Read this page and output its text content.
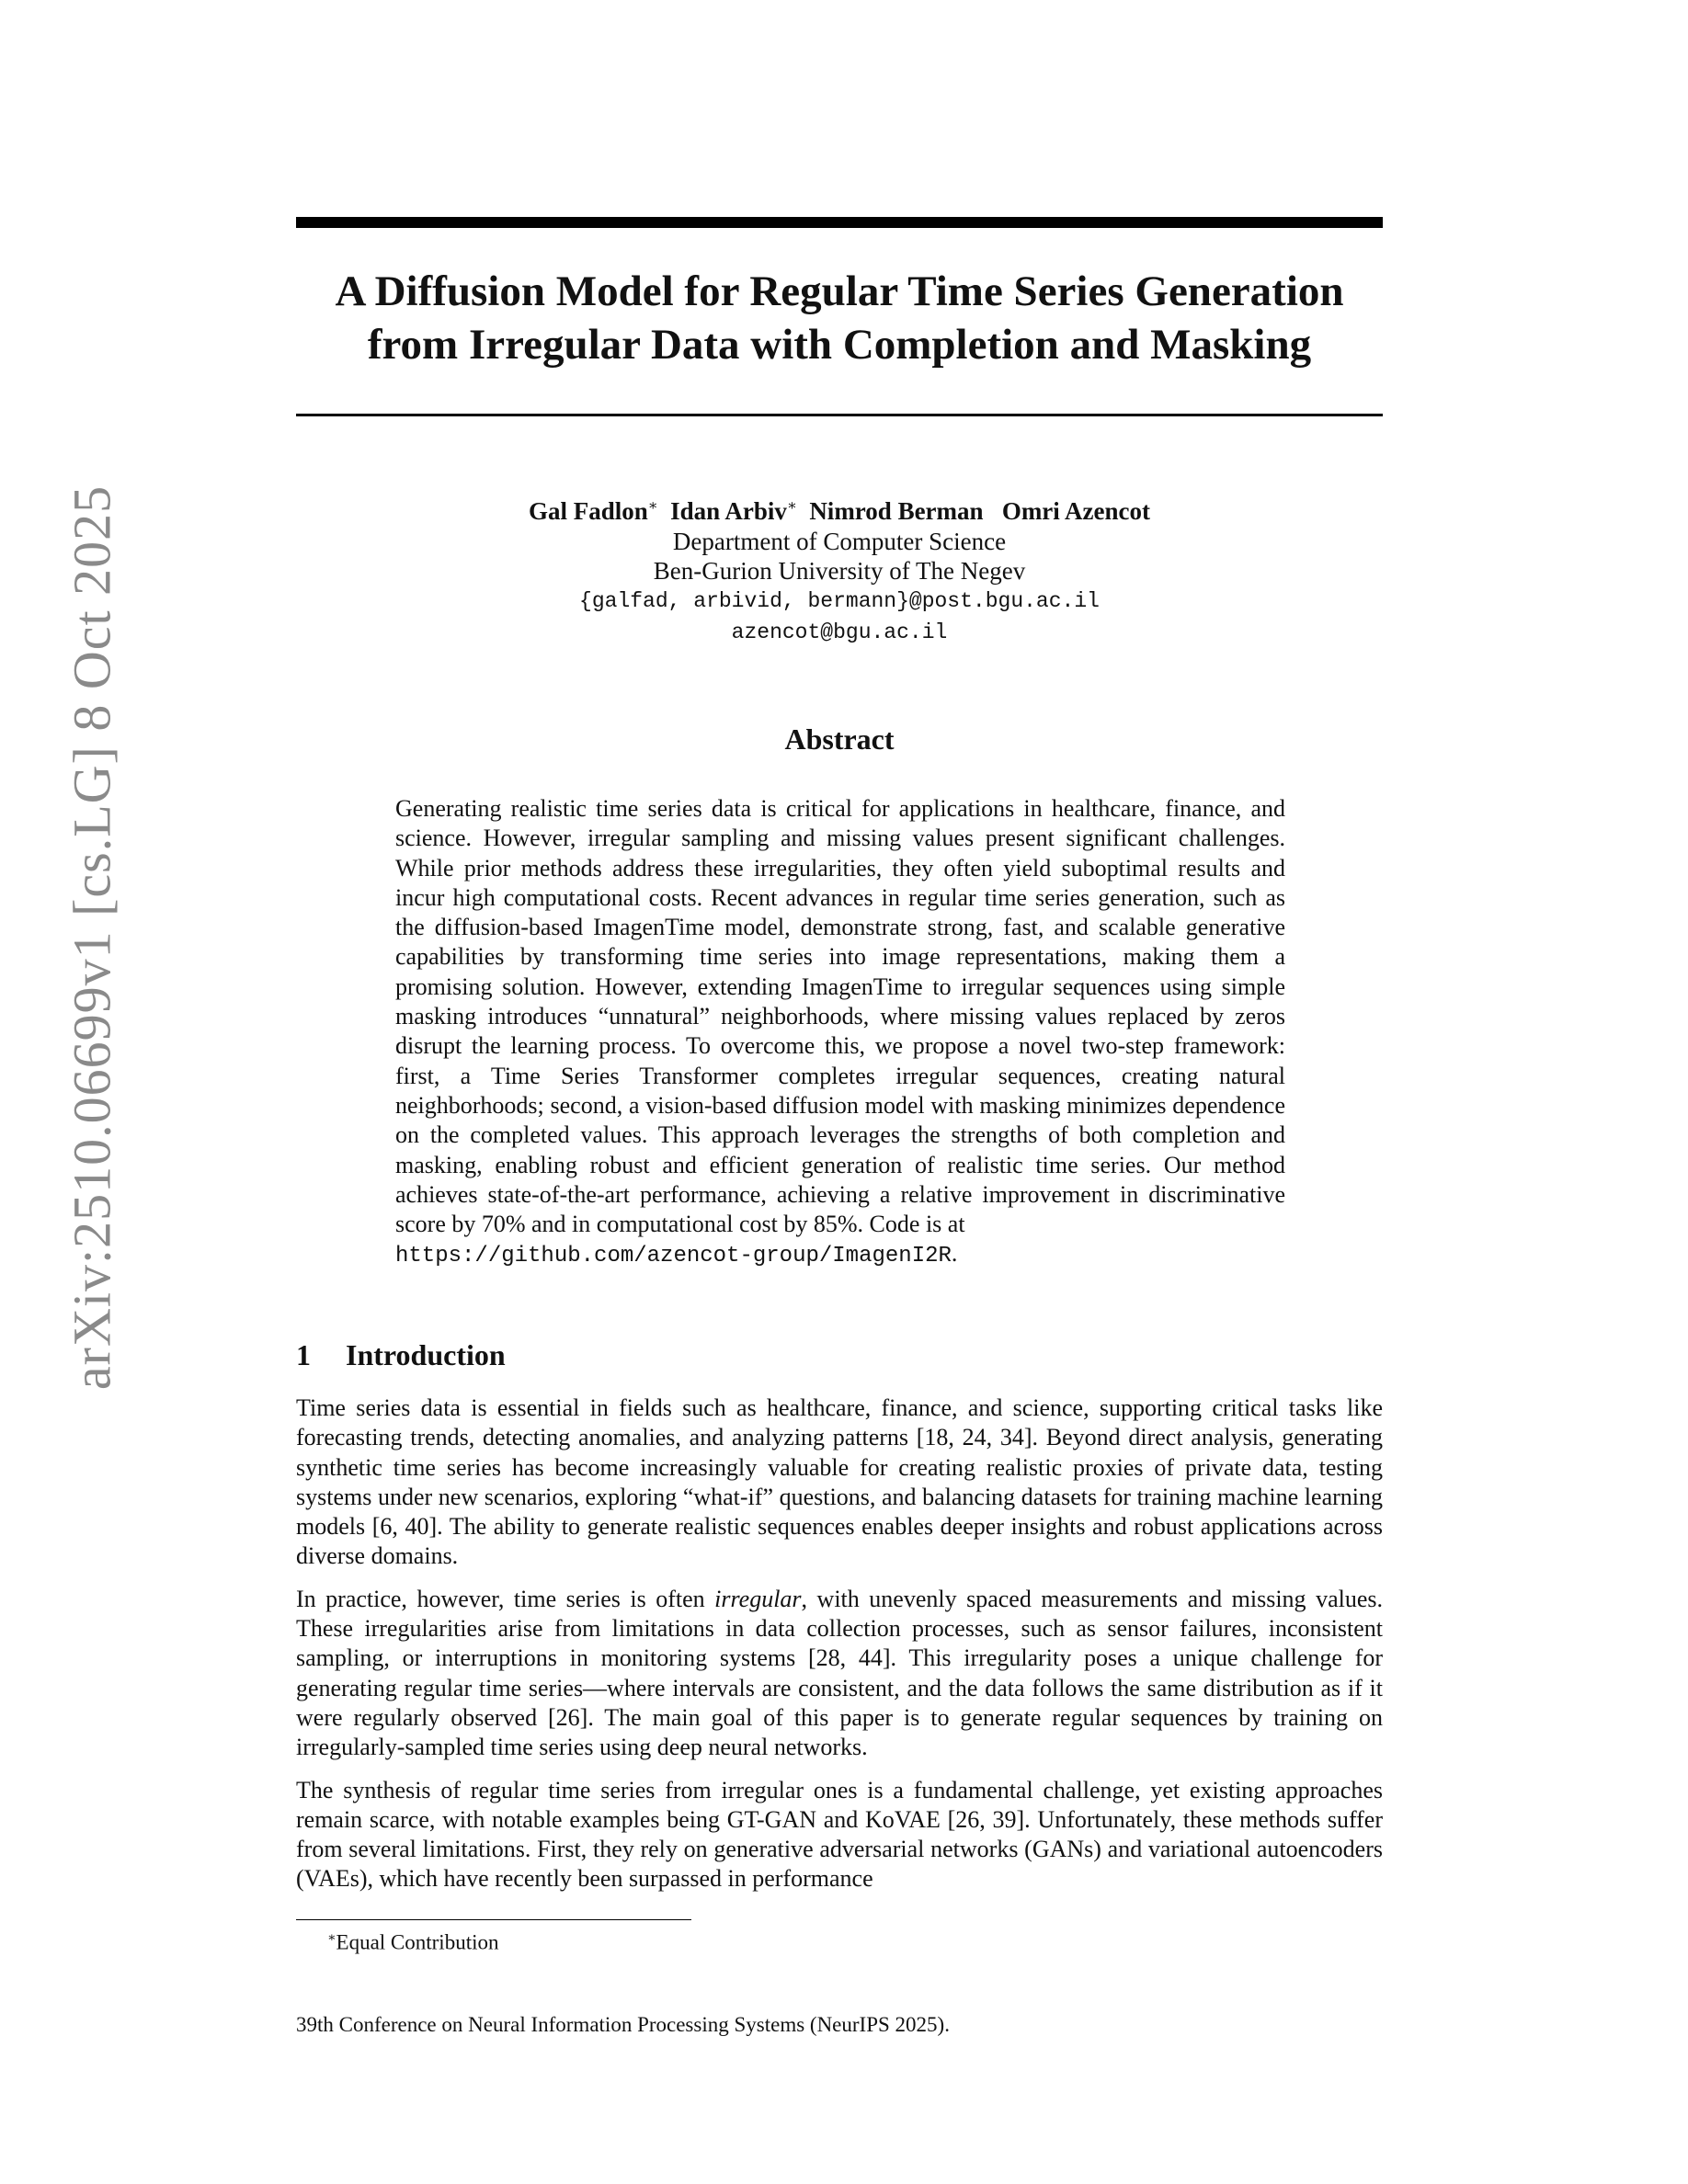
arXiv:2510.06699v1 [cs.LG] 8 Oct 2025
A Diffusion Model for Regular Time Series Generation
from Irregular Data with Completion and Masking
Gal Fadlon∗ Idan Arbiv∗ Nimrod Berman Omri Azencot
Department of Computer Science
Ben-Gurion University of The Negev
{galfad, arbivid, bermann}@post.bgu.ac.il
azencot@bgu.ac.il
Abstract

Generating realistic time series data is critical for applications in healthcare, finance, and science. However, irregular sampling and missing values present significant challenges. While prior methods address these irregularities, they often yield suboptimal results and incur high computational costs. Recent advances in regular time series generation, such as the diffusion-based ImagenTime model, demonstrate strong, fast, and scalable generative capabilities by transforming time series into image representations, making them a promising solution. However, extending ImagenTime to irregular sequences using simple masking introduces “unnatural” neighborhoods, where missing values replaced by zeros disrupt the learning process. To overcome this, we propose a novel two-step framework: first, a Time Series Transformer completes irregular sequences, creating natural neighborhoods; second, a vision-based diffusion model with masking minimizes dependence on the completed values. This approach leverages the strengths of both completion and masking, enabling robust and efficient generation of realistic time series. Our method achieves state-of-the-art performance, achieving a relative improvement in discriminative score by 70% and in computational cost by 85%. Code is at
https://github.com/azencot-group/ImagenI2R.

1 Introduction

Time series data is essential in fields such as healthcare, finance, and science, supporting critical tasks like forecasting trends, detecting anomalies, and analyzing patterns [18, 24, 34]. Beyond direct analysis, generating synthetic time series has become increasingly valuable for creating realistic proxies of private data, testing systems under new scenarios, exploring “what-if” questions, and balancing datasets for training machine learning models [6, 40]. The ability to generate realistic sequences enables deeper insights and robust applications across diverse domains.

In practice, however, time series is often irregular, with unevenly spaced measurements and missing values. These irregularities arise from limitations in data collection processes, such as sensor failures, inconsistent sampling, or interruptions in monitoring systems [28, 44]. This irregularity poses a unique challenge for generating regular time series—where intervals are consistent, and the data follows the same distribution as if it were regularly observed [26]. The main goal of this paper is to generate regular sequences by training on irregularly-sampled time series using deep neural networks.

The synthesis of regular time series from irregular ones is a fundamental challenge, yet existing approaches remain scarce, with notable examples being GT-GAN and KoVAE [26, 39]. Unfortunately, these methods suffer from several limitations. First, they rely on generative adversarial networks (GANs) and variational autoencoders (VAEs), which have recently been surpassed in performance

∗Equal Contribution
39th Conference on Neural Information Processing Systems (NeurIPS 2025).
